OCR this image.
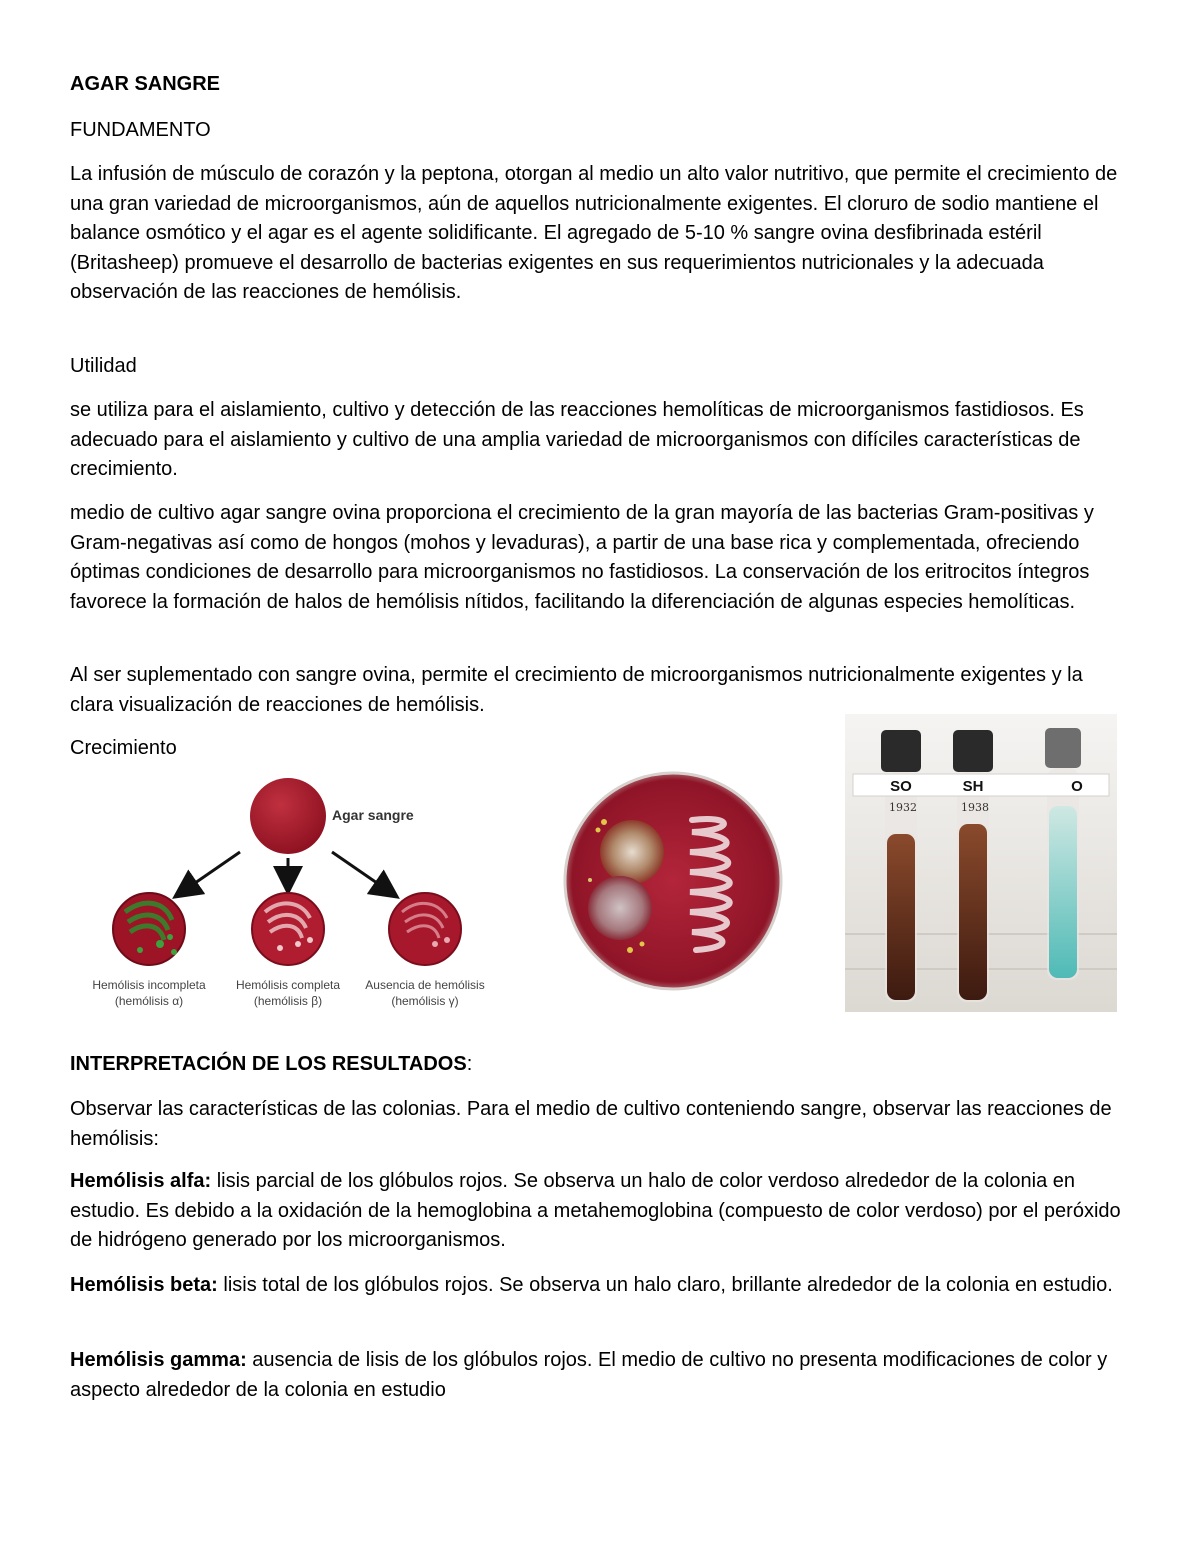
AGAR SANGRE

FUNDAMENTO

La infusión de músculo de corazón y la peptona, otorgan al medio un alto valor nutritivo, que permite el crecimiento de una gran variedad de microorganismos, aún de aquellos nutricionalmente exigentes. El cloruro de sodio mantiene el balance osmótico y el agar es el agente solidificante. El agregado de 5-10 % sangre ovina desfibrinada estéril (Britasheep) promueve el desarrollo de bacterias exigentes en sus requerimientos nutricionales y la adecuada observación de las reacciones de hemólisis.

Utilidad

se utiliza para el aislamiento, cultivo y detección de las reacciones hemolíticas de microorganismos fastidiosos. Es adecuado para el aislamiento y cultivo de una amplia variedad de microorganismos con difíciles características de crecimiento.

medio de cultivo agar sangre ovina proporciona el crecimiento de la gran mayoría de las bacterias Gram-positivas y Gram-negativas así como de hongos (mohos y levaduras), a partir de una base rica y complementada, ofreciendo óptimas condiciones de desarrollo para microorganismos no fastidiosos. La conservación de los eritrocitos íntegros favorece la formación de halos de hemólisis nítidos, facilitando la diferenciación de algunas especies hemolíticas.

Al ser suplementado con sangre ovina, permite el crecimiento de microorganismos nutricionalmente exigentes y la clara visualización de reacciones de hemólisis.

Crecimiento

INTERPRETACIÓN DE LOS RESULTADOS:

Observar las características de las colonias. Para el medio de cultivo conteniendo sangre, observar las reacciones de hemólisis:

Hemólisis alfa: lisis parcial de los glóbulos rojos. Se observa un halo de color verdoso alrededor de la colonia en estudio. Es debido a la oxidación de la hemoglobina a metahemoglobina (compuesto de color verdoso) por el peróxido de hidrógeno generado por los microorganismos.

Hemólisis beta: lisis total de los glóbulos rojos. Se observa un halo claro, brillante alrededor de la colonia en estudio.

Hemólisis gamma: ausencia de lisis de los glóbulos rojos. El medio de cultivo no presenta modificaciones de color y aspecto alrededor de la colonia en estudio

Agar sangre
Hemólisis incompleta
(hemólisis α)
Hemólisis completa
(hemólisis β)
Ausencia de hemólisis
(hemólisis γ)
SO	SH	O
1932	1938
